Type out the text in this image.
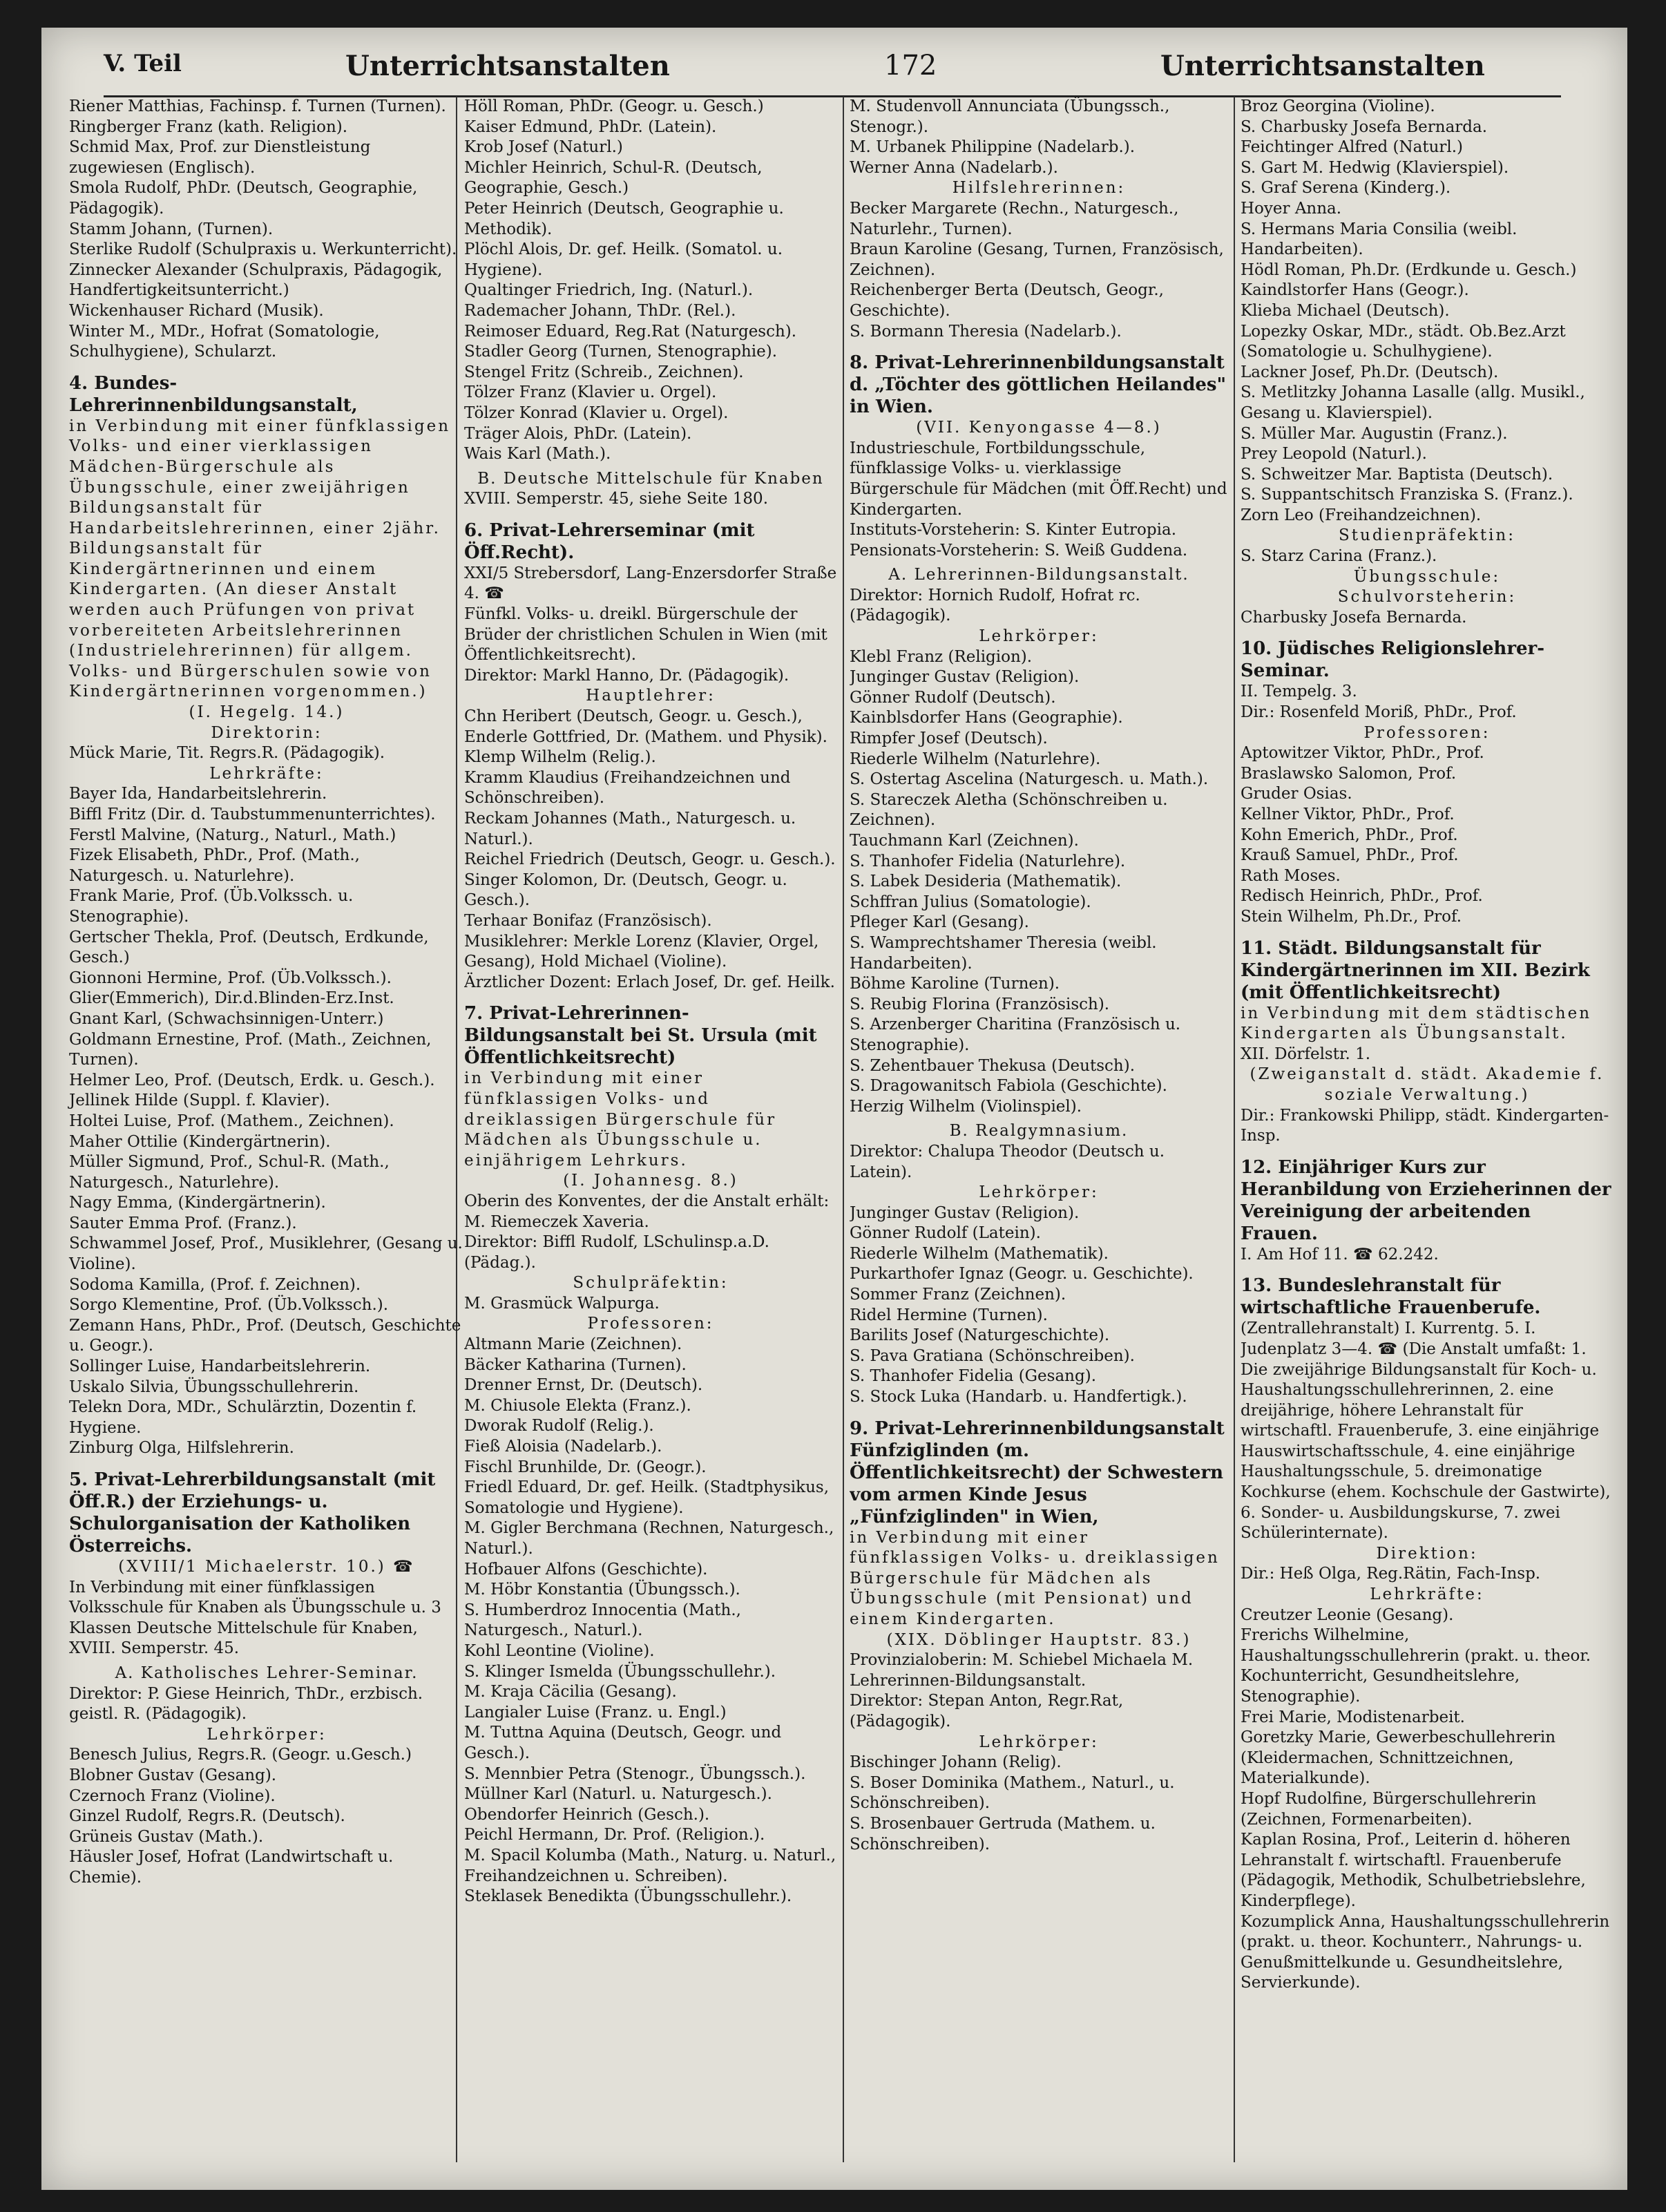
V. Teil	Unterrichtsanstalten	172	Unterrichtsanstalten

Riener Matthias, Fachinsp. f. Turnen (Turnen).

Ringberger Franz (kath. Religion).

Schmid Max, Prof. zur Dienstleistung zugewiesen (Englisch).

Smola Rudolf, PhDr. (Deutsch, Geographie, Pädagogik).

Stamm Johann, (Turnen).

Sterlike Rudolf (Schulpraxis u. Werkunterricht).

Zinnecker Alexander (Schulpraxis, Pädagogik, Handfertigkeitsunterricht.)

Wickenhauser Richard (Musik).

Winter M., MDr., Hofrat (Somatologie, Schulhygiene), Schularzt.

4. Bundes-Lehrerinnenbildungsanstalt,

in Verbindung mit einer fünfklassigen Volks- und einer vierklassigen Mädchen-Bürgerschule als Übungsschule, einer zweijährigen Bildungsanstalt für Handarbeitslehrerinnen, einer 2jähr. Bildungsanstalt für Kindergärtnerinnen und einem Kindergarten. (An dieser Anstalt werden auch Prüfungen von privat vorbereiteten Arbeitslehrerinnen (Industrielehrerinnen) für allgem. Volks- und Bürgerschulen sowie von Kindergärtnerinnen vorgenommen.)

(I. Hegelg. 14.)

Direktorin:

Mück Marie, Tit. Regrs.R. (Pädagogik).

Lehrkräfte:

Bayer Ida, Handarbeitslehrerin.

Biffl Fritz (Dir. d. Taubstummenunterrichtes).

Ferstl Malvine, (Naturg., Naturl., Math.)

Fizek Elisabeth, PhDr., Prof. (Math., Naturgesch. u. Naturlehre).

Frank Marie, Prof. (Üb.Volkssch. u. Stenographie).

Gertscher Thekla, Prof. (Deutsch, Erdkunde, Gesch.)

Gionnoni Hermine, Prof. (Üb.Volkssch.).

Glier(Emmerich), Dir.d.Blinden-Erz.Inst.

Gnant Karl, (Schwachsinnigen-Unterr.)

Goldmann Ernestine, Prof. (Math., Zeichnen, Turnen).

Helmer Leo, Prof. (Deutsch, Erdk. u. Gesch.).

Jellinek Hilde (Suppl. f. Klavier).

Holtei Luise, Prof. (Mathem., Zeichnen).

Maher Ottilie (Kindergärtnerin).

Müller Sigmund, Prof., Schul-R. (Math., Naturgesch., Naturlehre).

Nagy Emma, (Kindergärtnerin).

Sauter Emma Prof. (Franz.).

Schwammel Josef, Prof., Musiklehrer, (Gesang u. Violine).

Sodoma Kamilla, (Prof. f. Zeichnen).

Sorgo Klementine, Prof. (Üb.Volkssch.).

Zemann Hans, PhDr., Prof. (Deutsch, Geschichte u. Geogr.).

Sollinger Luise, Handarbeitslehrerin.

Uskalo Silvia, Übungsschullehrerin.

Telekn Dora, MDr., Schulärztin, Dozentin f. Hygiene.

Zinburg Olga, Hilfslehrerin.

5. Privat-Lehrerbildungsanstalt (mit Öff.R.) der Erziehungs- u. Schulorganisation der Katholiken Österreichs.

(XVIII/1 Michaelerstr. 10.) ☎

In Verbindung mit einer fünfklassigen Volksschule für Knaben als Übungsschule u. 3 Klassen Deutsche Mittelschule für Knaben, XVIII. Semperstr. 45.

A. Katholisches Lehrer-Seminar.

Direktor: P. Giese Heinrich, ThDr., erzbisch. geistl. R. (Pädagogik).

Lehrkörper:

Benesch Julius, Regrs.R. (Geogr. u.Gesch.)

Blobner Gustav (Gesang).

Czernoch Franz (Violine).

Ginzel Rudolf, Regrs.R. (Deutsch).

Grüneis Gustav (Math.).

Häusler Josef, Hofrat (Landwirtschaft u. Chemie).

Höll Roman, PhDr. (Geogr. u. Gesch.)

Kaiser Edmund, PhDr. (Latein).

Krob Josef (Naturl.)

Michler Heinrich, Schul-R. (Deutsch, Geographie, Gesch.)

Peter Heinrich (Deutsch, Geographie u. Methodik).

Plöchl Alois, Dr. gef. Heilk. (Somatol. u. Hygiene).

Qualtinger Friedrich, Ing. (Naturl.).

Rademacher Johann, ThDr. (Rel.).

Reimoser Eduard, Reg.Rat (Naturgesch).

Stadler Georg (Turnen, Stenographie).

Stengel Fritz (Schreib., Zeichnen).

Tölzer Franz (Klavier u. Orgel).

Tölzer Konrad (Klavier u. Orgel).

Träger Alois, PhDr. (Latein).

Wais Karl (Math.).

B. Deutsche Mittelschule für Knaben

XVIII. Semperstr. 45, siehe Seite 180.

6. Privat-Lehrerseminar (mit Öff.Recht).

XXI/5 Strebersdorf, Lang-Enzersdorfer Straße 4. ☎

Fünfkl. Volks- u. dreikl. Bürgerschule der Brüder der christlichen Schulen in Wien (mit Öffentlichkeitsrecht).

Direktor: Markl Hanno, Dr. (Pädagogik).

Hauptlehrer:

Chn Heribert (Deutsch, Geogr. u. Gesch.),

Enderle Gottfried, Dr. (Mathem. und Physik).

Klemp Wilhelm (Relig.).

Kramm Klaudius (Freihandzeichnen und Schönschreiben).

Reckam Johannes (Math., Naturgesch. u. Naturl.).

Reichel Friedrich (Deutsch, Geogr. u. Gesch.).

Singer Kolomon, Dr. (Deutsch, Geogr. u. Gesch.).

Terhaar Bonifaz (Französisch).

Musiklehrer: Merkle Lorenz (Klavier, Orgel, Gesang), Hold Michael (Violine).

Ärztlicher Dozent: Erlach Josef, Dr. gef. Heilk.

7. Privat-Lehrerinnen-Bildungsanstalt bei St. Ursula (mit Öffentlichkeitsrecht)

in Verbindung mit einer fünfklassigen Volks- und dreiklassigen Bürgerschule für Mädchen als Übungsschule u. einjährigem Lehrkurs.

(I. Johannesg. 8.)

Oberin des Konventes, der die Anstalt erhält: M. Riemeczek Xaveria.

Direktor: Biffl Rudolf, LSchulinsp.a.D. (Pädag.).

Schulpräfektin:

M. Grasmück Walpurga.

Professoren:

Altmann Marie (Zeichnen).

Bäcker Katharina (Turnen).

Drenner Ernst, Dr. (Deutsch).

M. Chiusole Elekta (Franz.).

Dworak Rudolf (Relig.).

Fieß Aloisia (Nadelarb.).

Fischl Brunhilde, Dr. (Geogr.).

Friedl Eduard, Dr. gef. Heilk. (Stadtphysikus, Somatologie und Hygiene).

M. Gigler Berchmana (Rechnen, Naturgesch., Naturl.).

Hofbauer Alfons (Geschichte).

M. Höbr Konstantia (Übungssch.).

S. Humberdroz Innocentia (Math., Naturgesch., Naturl.).

Kohl Leontine (Violine).

S. Klinger Ismelda (Übungsschullehr.).

M. Kraja Cäcilia (Gesang).

Langialer Luise (Franz. u. Engl.)

M. Tuttna Aquina (Deutsch, Geogr. und Gesch.).

S. Mennbier Petra (Stenogr., Übungssch.).

Müllner Karl (Naturl. u. Naturgesch.).

Obendorfer Heinrich (Gesch.).

Peichl Hermann, Dr. Prof. (Religion.).

M. Spacil Kolumba (Math., Naturg. u. Naturl., Freihandzeichnen u. Schreiben).

Steklasek Benedikta (Übungsschullehr.).

M. Studenvoll Annunciata (Übungssch., Stenogr.).

M. Urbanek Philippine (Nadelarb.).

Werner Anna (Nadelarb.).

Hilfslehrerinnen:

Becker Margarete (Rechn., Naturgesch., Naturlehr., Turnen).

Braun Karoline (Gesang, Turnen, Französisch, Zeichnen).

Reichenberger Berta (Deutsch, Geogr., Geschichte).

S. Bormann Theresia (Nadelarb.).

8. Privat-Lehrerinnenbildungsanstalt d. „Töchter des göttlichen Heilandes" in Wien.

(VII. Kenyongasse 4—8.)

Industrieschule, Fortbildungsschule, fünfklassige Volks- u. vierklassige Bürgerschule für Mädchen (mit Öff.Recht) und Kindergarten.

Instituts-Vorsteherin: S. Kinter Eutropia.

Pensionats-Vorsteherin: S. Weiß Guddena.

A. Lehrerinnen-Bildungsanstalt.

Direktor: Hornich Rudolf, Hofrat rc. (Pädagogik).

Lehrkörper:

Klebl Franz (Religion).

Junginger Gustav (Religion).

Gönner Rudolf (Deutsch).

Kainblsdorfer Hans (Geographie).

Rimpfer Josef (Deutsch).

Riederle Wilhelm (Naturlehre).

S. Ostertag Ascelina (Naturgesch. u. Math.).

S. Stareczek Aletha (Schönschreiben u. Zeichnen).

Tauchmann Karl (Zeichnen).

S. Thanhofer Fidelia (Naturlehre).

S. Labek Desideria (Mathematik).

Schffran Julius (Somatologie).

Pfleger Karl (Gesang).

S. Wamprechtshamer Theresia (weibl. Handarbeiten).

Böhme Karoline (Turnen).

S. Reubig Florina (Französisch).

S. Arzenberger Charitina (Französisch u. Stenographie).

S. Zehentbauer Thekusa (Deutsch).

S. Dragowanitsch Fabiola (Geschichte).

Herzig Wilhelm (Violinspiel).

B. Realgymnasium.

Direktor: Chalupa Theodor (Deutsch u. Latein).

Lehrkörper:

Junginger Gustav (Religion).

Gönner Rudolf (Latein).

Riederle Wilhelm (Mathematik).

Purkarthofer Ignaz (Geogr. u. Geschichte).

Sommer Franz (Zeichnen).

Ridel Hermine (Turnen).

Barilits Josef (Naturgeschichte).

S. Pava Gratiana (Schönschreiben).

S. Thanhofer Fidelia (Gesang).

S. Stock Luka (Handarb. u. Handfertigk.).

9. Privat-Lehrerinnenbildungsanstalt Fünfziglinden (m. Öffentlichkeitsrecht) der Schwestern vom armen Kinde Jesus „Fünfziglinden" in Wien,

in Verbindung mit einer fünfklassigen Volks- u. dreiklassigen Bürgerschule für Mädchen als Übungsschule (mit Pensionat) und einem Kindergarten.

(XIX. Döblinger Hauptstr. 83.)

Provinzialoberin: M. Schiebel Michaela M.

Lehrerinnen-Bildungsanstalt.

Direktor: Stepan Anton, Regr.Rat, (Pädagogik).

Lehrkörper:

Bischinger Johann (Relig).

S. Boser Dominika (Mathem., Naturl., u. Schönschreiben).

S. Brosenbauer Gertruda (Mathem. u. Schönschreiben).

Broz Georgina (Violine).

S. Charbusky Josefa Bernarda.

Feichtinger Alfred (Naturl.)

S. Gart M. Hedwig (Klavierspiel).

S. Graf Serena (Kinderg.).

Hoyer Anna.

S. Hermans Maria Consilia (weibl. Handarbeiten).

Hödl Roman, Ph.Dr. (Erdkunde u. Gesch.)

Kaindlstorfer Hans (Geogr.).

Klieba Michael (Deutsch).

Lopezky Oskar, MDr., städt. Ob.Bez.Arzt (Somatologie u. Schulhygiene).

Lackner Josef, Ph.Dr. (Deutsch).

S. Metlitzky Johanna Lasalle (allg. Musikl., Gesang u. Klavierspiel).

S. Müller Mar. Augustin (Franz.).

Prey Leopold (Naturl.).

S. Schweitzer Mar. Baptista (Deutsch).

S. Suppantschitsch Franziska S. (Franz.).

Zorn Leo (Freihandzeichnen).

Studienpräfektin:

S. Starz Carina (Franz.).

Übungsschule:

Schulvorsteherin:

Charbusky Josefa Bernarda.

10. Jüdisches Religionslehrer-Seminar.

II. Tempelg. 3.

Dir.: Rosenfeld Moriß, PhDr., Prof.

Professoren:

Aptowitzer Viktor, PhDr., Prof.

Braslawsko Salomon, Prof.

Gruder Osias.

Kellner Viktor, PhDr., Prof.

Kohn Emerich, PhDr., Prof.

Krauß Samuel, PhDr., Prof.

Rath Moses.

Redisch Heinrich, PhDr., Prof.

Stein Wilhelm, Ph.Dr., Prof.

11. Städt. Bildungsanstalt für Kindergärtnerinnen im XII. Bezirk (mit Öffentlichkeitsrecht)

in Verbindung mit dem städtischen Kindergarten als Übungsanstalt.

XII. Dörfelstr. 1.

(Zweiganstalt d. städt. Akademie f. soziale Verwaltung.)

Dir.: Frankowski Philipp, städt. Kindergarten-Insp.

12. Einjähriger Kurs zur Heranbildung von Erzieherinnen der Vereinigung der arbeitenden Frauen.

I. Am Hof 11. ☎ 62.242.

13. Bundeslehranstalt für wirtschaftliche Frauenberufe.

(Zentrallehranstalt) I. Kurrentg. 5. I. Judenplatz 3—4. ☎ (Die Anstalt umfaßt: 1. Die zweijährige Bildungsanstalt für Koch- u. Haushaltungsschullehrerinnen, 2. eine dreijährige, höhere Lehranstalt für wirtschaftl. Frauenberufe, 3. eine einjährige Hauswirtschaftsschule, 4. eine einjährige Haushaltungsschule, 5. dreimonatige Kochkurse (ehem. Kochschule der Gastwirte), 6. Sonder- u. Ausbildungskurse, 7. zwei Schülerinternate).

Direktion:

Dir.: Heß Olga, Reg.Rätin, Fach-Insp.

Lehrkräfte:

Creutzer Leonie (Gesang).

Frerichs Wilhelmine, Haushaltungsschullehrerin (prakt. u. theor. Kochunterricht, Gesundheitslehre, Stenographie).

Frei Marie, Modistenarbeit.

Goretzky Marie, Gewerbeschullehrerin (Kleidermachen, Schnittzeichnen, Materialkunde).

Hopf Rudolfine, Bürgerschullehrerin (Zeichnen, Formenarbeiten).

Kaplan Rosina, Prof., Leiterin d. höheren Lehranstalt f. wirtschaftl. Frauenberufe (Pädagogik, Methodik, Schulbetriebslehre, Kinderpflege).

Kozumplick Anna, Haushaltungsschullehrerin (prakt. u. theor. Kochunterr., Nahrungs- u. Genußmittelkunde u. Gesundheitslehre, Servierkunde).
